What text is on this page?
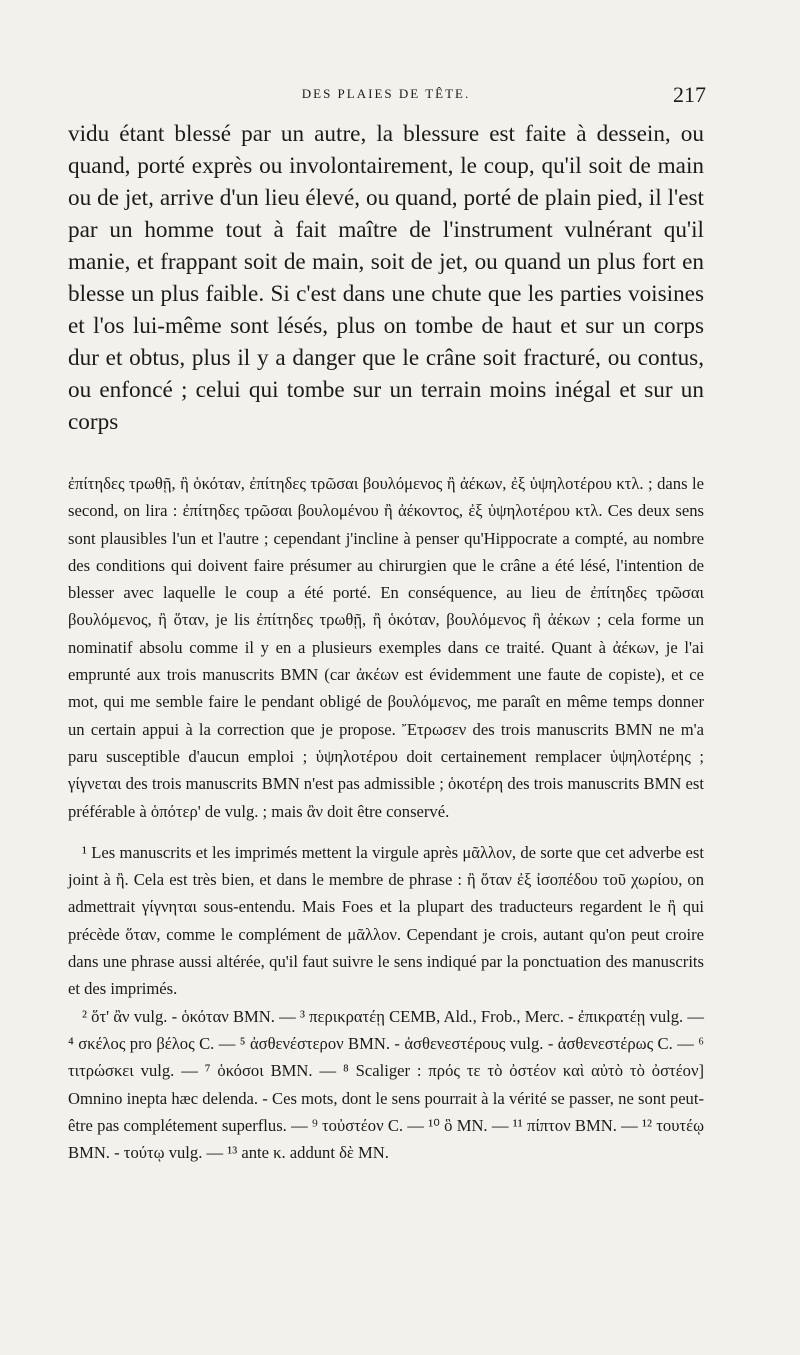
DES PLAIES DE TÊTE.	217

vidu étant blessé par un autre, la blessure est faite à dessein, ou quand, porté exprès ou involontairement, le coup, qu'il soit de main ou de jet, arrive d'un lieu élevé, ou quand, porté de plain pied, il l'est par un homme tout à fait maître de l'instrument vulnérant qu'il manie, et frappant soit de main, soit de jet, ou quand un plus fort en blesse un plus faible. Si c'est dans une chute que les parties voisines et l'os lui-même sont lésés, plus on tombe de haut et sur un corps dur et obtus, plus il y a danger que le crâne soit fracturé, ou contus, ou enfoncé ; celui qui tombe sur un terrain moins inégal et sur un corps

ἐπίτηδες τρωθῇ, ἢ ὁκόταν, ἐπίτηδες τρῶσαι βουλόμενος ἢ ἀέκων, ἐξ ὑψηλοτέρου κτλ. ; dans le second, on lira : ἐπίτηδες τρῶσαι βουλομένου ἢ ἀέκοντος, ἐξ ὑψηλοτέρου κτλ. Ces deux sens sont plausibles l'un et l'autre ; cependant j'incline à penser qu'Hippocrate a compté, au nombre des conditions qui doivent faire présumer au chirurgien que le crâne a été lésé, l'intention de blesser avec laquelle le coup a été porté. En conséquence, au lieu de ἐπίτηδες τρῶσαι βουλόμενος, ἢ ὅταν, je lis ἐπίτηδες τρωθῇ, ἢ ὁκόταν, βουλόμενος ἢ ἀέκων ; cela forme un nominatif absolu comme il y en a plusieurs exemples dans ce traité. Quant à ἀέκων, je l'ai emprunté aux trois manuscrits BMN (car ἀκέων est évidemment une faute de copiste), et ce mot, qui me semble faire le pendant obligé de βουλόμενος, me paraît en même temps donner un certain appui à la correction que je propose. Ἔτρωσεν des trois manuscrits BMN ne m'a paru susceptible d'aucun emploi ; ὑψηλοτέρου doit certainement remplacer ὑψηλοτέρης ; γίγνεται des trois manuscrits BMN n'est pas admissible ; ὁκοτέρη des trois manuscrits BMN est préférable à ὁπότερ' de vulg. ; mais ἂν doit être conservé.

¹ Les manuscrits et les imprimés mettent la virgule après μᾶλλον, de sorte que cet adverbe est joint à ἢ. Cela est très bien, et dans le membre de phrase : ἢ ὅταν ἐξ ἰσοπέδου τοῦ χωρίου, on admettrait γίγνηται sous-entendu. Mais Foes et la plupart des traducteurs regardent le ἢ qui précède ὅταν, comme le complément de μᾶλλον. Cependant je crois, autant qu'on peut croire dans une phrase aussi altérée, qu'il faut suivre le sens indiqué par la ponctuation des manuscrits et des imprimés.

² ὅτ' ἂν vulg. - ὁκόταν BMN. — ³ περικρατέῃ CEMB, Ald., Frob., Merc. - ἐπικρατέῃ vulg. — ⁴ σκέλος pro βέλος C. — ⁵ ἀσθενέστερον BMN. - ἀσθενεστέρους vulg. - ἀσθενεστέρως C. — ⁶ τιτρώσκει vulg. — ⁷ ὁκόσοι BMN. — ⁸ Scaliger : πρός τε τὸ ὀστέον καὶ αὐτὸ τὸ ὀστέον] Omnino inepta hæc delenda. - Ces mots, dont le sens pourrait à la vérité se passer, ne sont peut-être pas complétement superflus. — ⁹ τοὐστέον C. — ¹⁰ ὃ MN. — ¹¹ πίπτον BMN. — ¹² τουτέῳ BMN. - τούτῳ vulg. — ¹³ ante κ. addunt δὲ MN.
